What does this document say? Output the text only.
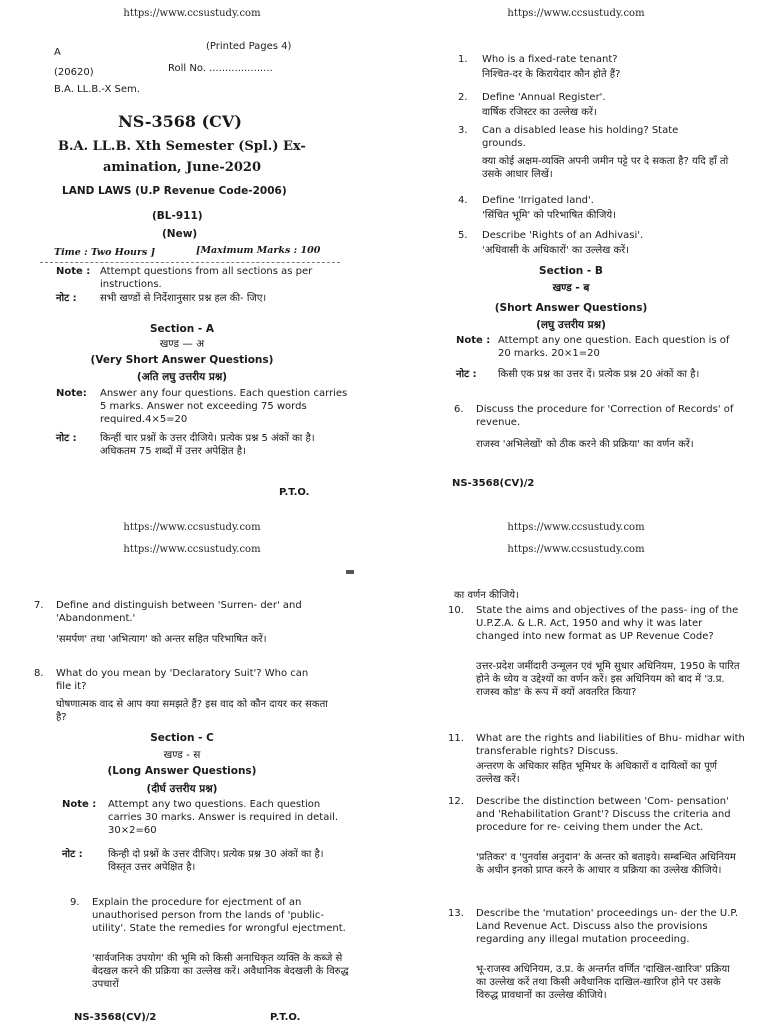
https://www.ccsustudy.com
A
(Printed Pages 4)
(20620)	Roll No. ....................
B.A. LL.B.-X Sem.
NS-3568 (CV)
B.A. LL.B. Xth Semester (Spl.) Ex-
amination, June-2020
LAND LAWS (U.P Revenue Code-2006)
(BL-911)
(New)
Time : Two Hours ]	[Maximum Marks : 100
Note : Attempt questions from all sections as per instructions.
नोट : सभी खण्डों से निर्देशानुसार प्रश्न हल की- जिए।
Section - A
खण्ड — अ
(Very Short Answer Questions)
(अति लघु उत्तरीय प्रश्न)
Note: Answer any four questions. Each question carries 5 marks. Answer not exceeding 75 words required.4×5=20
नोट : किन्हीं चार प्रश्नों के उत्तर दीजिये। प्रत्येक प्रश्न 5 अंकों का है। अधिकतम 75 शब्दों में उत्तर अपेक्षित है।
P.T.O.
https://www.ccsustudy.com
1. Who is a fixed-rate tenant?
निश्चित-दर के किरायेदार कौन होते हैं?
2. Define 'Annual Register'.
वार्षिक रजिस्टर का उल्लेख करें।
3. Can a disabled lease his holding? State grounds.
क्या कोई अक्षम-व्यक्ति अपनी जमीन पट्टे पर दे सकता है? यदि हाँ तो उसके आधार लिखें।
4. Define 'Irrigated land'.
'सिंचित भूमि' को परिभाषित कीजिये।
5. Describe 'Rights of an Adhivasi'.
'अधिवासी के अधिकारों' का उल्लेख करें।
Section - B
खण्ड - ब
(Short Answer Questions)
(लघु उत्तरीय प्रश्न)
Note : Attempt any one question. Each question is of 20 marks. 20×1=20
नोट : किसी एक प्रश्न का उत्तर दें। प्रत्येक प्रश्न 20 अंकों का है।
6. Discuss the procedure for 'Correction of Records' of revenue.
राजस्व 'अभिलेखों' को ठीक करने की प्रक्रिया' का वर्णन करें।
NS-3568(CV)/2
https://www.ccsustudy.com
https://www.ccsustudy.com
7. Define and distinguish between 'Surren- der' and 'Abandonment.'
'समर्पण' तथा 'अभित्याग' को अन्तर सहित परिभाषित करें।
8. What do you mean by 'Declaratory Suit'? Who can file it?
घोषणात्मक वाद से आप क्या समझते हैं? इस वाद को कौन दायर कर सकता है?
Section - C
खण्ड - स
(Long Answer Questions)
(दीर्घ उत्तरीय प्रश्न)
Note : Attempt any two questions. Each question carries 30 marks. Answer is required in detail. 30×2=60
नोट :	किन्ही दो प्रश्नों के उत्तर दीजिए। प्रत्येक प्रश्न 30 अंकों का है। विस्तृत उत्तर अपेक्षित है।
9. Explain the procedure for ejectment of an unauthorised person from the lands of 'public-utility'. State the remedies for wrongful ejectment.
'सार्वजनिक उपयोग' की भूमि को किसी अनाधिकृत व्यक्ति के कब्जे से बेदखल करने की प्रक्रिया का उल्लेख करें। अवैधानिक बेदखली के विरुद्ध उपचारों
NS-3568(CV)/2	P.T.O.
https://www.ccsustudy.com
https://www.ccsustudy.com
का वर्णन कीजिये।
10. State the aims and objectives of the pass- ing of the U.P.Z.A. & L.R. Act, 1950 and why it was later changed into new format as UP Revenue Code?
उत्तर-प्रदेश जमींदारी उन्मूलन एवं भूमि सुधार अधिनियम, 1950 के पारित होने के ध्येय व उद्देश्यों का वर्णन करें। इस अधिनियम को बाद में 'उ.प्र. राजस्व कोड' के रूप में क्यों अवतरित किया?
11. What are the rights and liabilities of Bhu- midhar with transferable rights? Discuss.
अन्तरण के अधिकार सहित भूमिधर के अधिकारों व दायित्वों का पूर्ण उल्लेख करें।
12. Describe the distinction between 'Com- pensation' and 'Rehabilitation Grant'? Discuss the criteria and procedure for re- ceiving them under the Act.
'प्रतिकर' व 'पुनर्वास अनुदान' के अन्तर को बताइये। सम्बन्धित अधिनियम के अधीन इनको प्राप्त करने के आधार व प्रक्रिया का उल्लेख कीजिये।
13. Describe the 'mutation' proceedings un- der the U.P. Land Revenue Act. Discuss also the provisions regarding any illegal mutation proceeding.
भू-राजस्व अधिनियम, उ.प्र. के अन्तर्गत वर्णित 'दाखिल-खारिज' प्रक्रिया का उल्लेख करें तथा किसी अवैधानिक दाखिल-खारिज होने पर उसके विरुद्ध प्रावधानों का उल्लेख कीजिये।
